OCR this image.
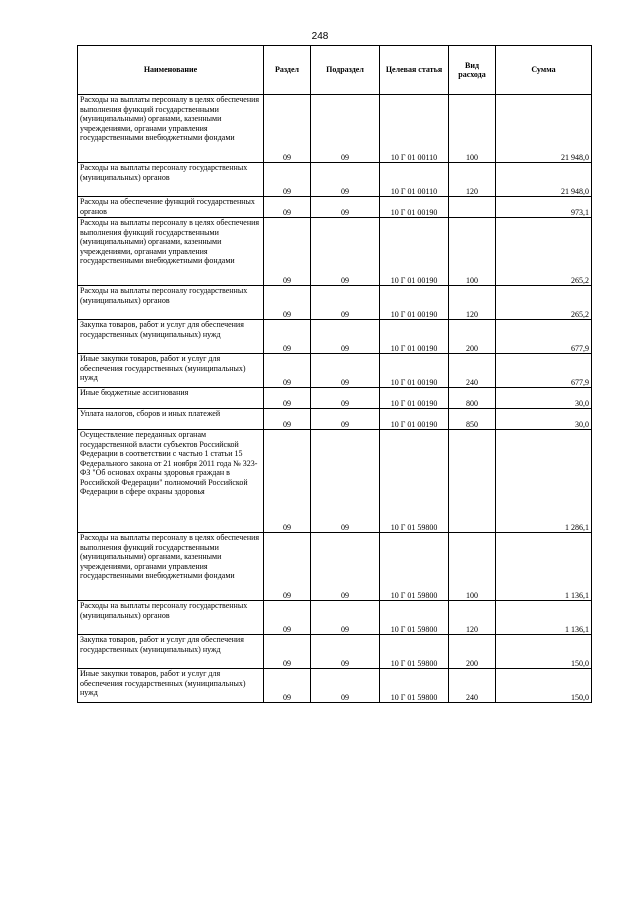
248
Наименование	Раздел	Подраздел	Целевая статья	Вид расхода	Сумма
Расходы на выплаты персоналу в целях обеспечения выполнения функций государственными (муниципальными) органами, казенными учреждениями, органами управления государственными внебюджетными фондами	09	09	10 Г 01 00110	100	21 948,0
Расходы на выплаты персоналу государственных (муниципальных) органов	09	09	10 Г 01 00110	120	21 948,0
Расходы на обеспечение функций государственных органов	09	09	10 Г 01 00190		973,1
Расходы на выплаты персоналу в целях обеспечения выполнения функций государственными (муниципальными) органами, казенными учреждениями, органами управления государственными внебюджетными фондами	09	09	10 Г 01 00190	100	265,2
Расходы на выплаты персоналу государственных (муниципальных) органов	09	09	10 Г 01 00190	120	265,2
Закупка товаров, работ и услуг для обеспечения государственных (муниципальных) нужд	09	09	10 Г 01 00190	200	677,9
Иные закупки товаров, работ и услуг для обеспечения государственных (муниципальных) нужд	09	09	10 Г 01 00190	240	677,9
Иные бюджетные ассигнования	09	09	10 Г 01 00190	800	30,0
Уплата налогов, сборов и иных платежей	09	09	10 Г 01 00190	850	30,0
Осуществление переданных органам государственной власти субъектов Российской Федерации в соответствии с частью 1 статьи 15 Федерального закона от 21 ноября 2011 года № 323-ФЗ "Об основах охраны здоровья граждан в Российской Федерации" полномочий Российской Федерации в сфере охраны здоровья	09	09	10 Г 01 59800		1 286,1
Расходы на выплаты персоналу в целях обеспечения выполнения функций государственными (муниципальными) органами, казенными учреждениями, органами управления государственными внебюджетными фондами	09	09	10 Г 01 59800	100	1 136,1
Расходы на выплаты персоналу государственных (муниципальных) органов	09	09	10 Г 01 59800	120	1 136,1
Закупка товаров, работ и услуг для обеспечения государственных (муниципальных) нужд	09	09	10 Г 01 59800	200	150,0
Иные закупки товаров, работ и услуг для обеспечения государственных (муниципальных) нужд	09	09	10 Г 01 59800	240	150,0
